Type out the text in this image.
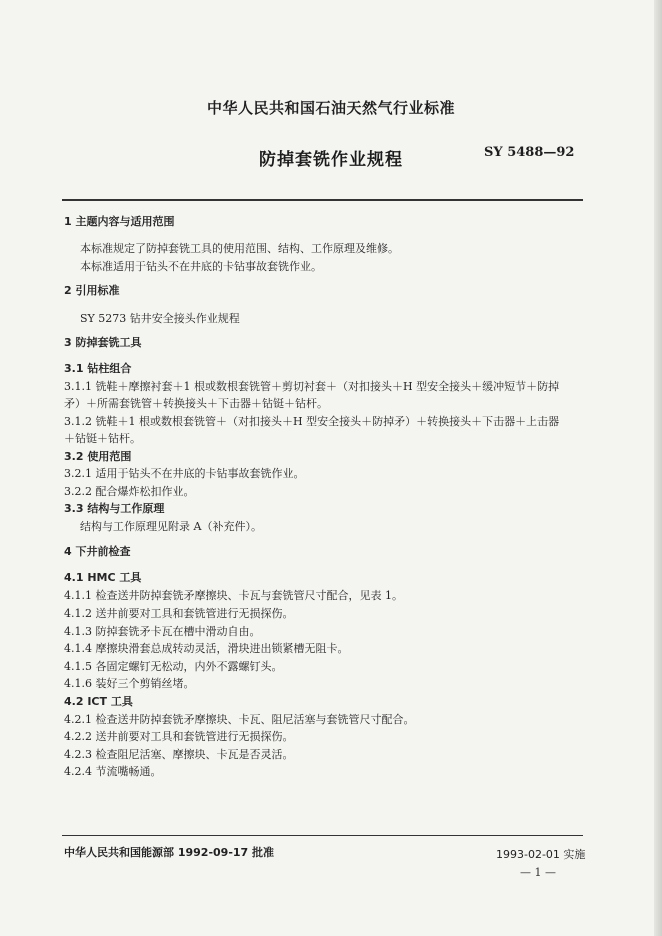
中华人民共和国石油天然气行业标准
防掉套铣作业规程	SY 5488—92
1 主题内容与适用范围
本标准规定了防掉套铣工具的使用范围、结构、工作原理及维修。
本标准适用于钻头不在井底的卡钻事故套铣作业。
2 引用标准
SY 5273 钻井安全接头作业规程
3 防掉套铣工具
3.1 钻柱组合
3.1.1 铣鞋＋摩擦衬套＋1 根或数根套铣管＋剪切衬套＋（对扣接头＋H 型安全接头＋缓冲短节＋防掉
矛）＋所需套铣管＋转换接头＋下击器＋钻铤＋钻杆。
3.1.2 铣鞋＋1 根或数根套铣管＋（对扣接头＋H 型安全接头＋防掉矛）＋转换接头＋下击器＋上击器
＋钻铤＋钻杆。
3.2 使用范围
3.2.1 适用于钻头不在井底的卡钻事故套铣作业。
3.2.2 配合爆炸松扣作业。
3.3 结构与工作原理
结构与工作原理见附录 A（补充件）。
4 下井前检查
4.1 HMC 工具
4.1.1 检查送井防掉套铣矛摩擦块、卡瓦与套铣管尺寸配合，见表 1。
4.1.2 送井前要对工具和套铣管进行无损探伤。
4.1.3 防掉套铣矛卡瓦在槽中滑动自由。
4.1.4 摩擦块滑套总成转动灵活，滑块进出锁紧槽无阻卡。
4.1.5 各固定螺钉无松动，内外不露螺钉头。
4.1.6 装好三个剪销丝堵。
4.2 ICT 工具
4.2.1 检查送井防掉套铣矛摩擦块、卡瓦、阻尼活塞与套铣管尺寸配合。
4.2.2 送井前要对工具和套铣管进行无损探伤。
4.2.3 检查阻尼活塞、摩擦块、卡瓦是否灵活。
4.2.4 节流嘴畅通。
中华人民共和国能源部 1992-09-17 批准	1993-02-01 实施
— 1 —
